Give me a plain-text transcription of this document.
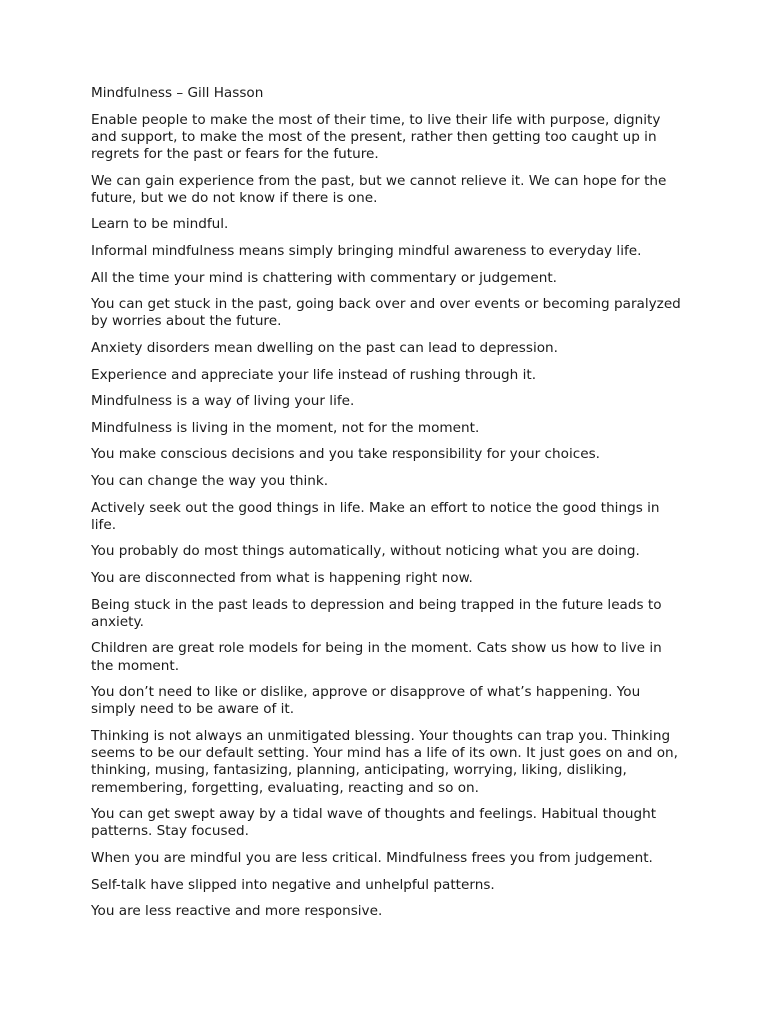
Mindfulness – Gill Hasson

Enable people to make the most of their time, to live their life with purpose, dignity and support, to make the most of the present, rather then getting too caught up in regrets for the past or fears for the future.

We can gain experience from the past, but we cannot relieve it. We can hope for the future, but we do not know if there is one.

Learn to be mindful.

Informal mindfulness means simply bringing mindful awareness to everyday life.

All the time your mind is chattering with commentary or judgement.

You can get stuck in the past, going back over and over events or becoming paralyzed by worries about the future.

Anxiety disorders mean dwelling on the past can lead to depression.

Experience and appreciate your life instead of rushing through it.

Mindfulness is a way of living your life.

Mindfulness is living in the moment, not for the moment.

You make conscious decisions and you take responsibility for your choices.

You can change the way you think.

Actively seek out the good things in life. Make an effort to notice the good things in life.

You probably do most things automatically, without noticing what you are doing.

You are disconnected from what is happening right now.

Being stuck in the past leads to depression and being trapped in the future leads to anxiety.

Children are great role models for being in the moment. Cats show us how to live in the moment.

You don’t need to like or dislike, approve or disapprove of what’s happening. You simply need to be aware of it.

Thinking is not always an unmitigated blessing. Your thoughts can trap you. Thinking seems to be our default setting. Your mind has a life of its own. It just goes on and on, thinking, musing, fantasizing, planning, anticipating, worrying, liking, disliking, remembering, forgetting, evaluating, reacting and so on.

You can get swept away by a tidal wave of thoughts and feelings. Habitual thought patterns. Stay focused.

When you are mindful you are less critical. Mindfulness frees you from judgement.

Self-talk have slipped into negative and unhelpful patterns.

You are less reactive and more responsive.
